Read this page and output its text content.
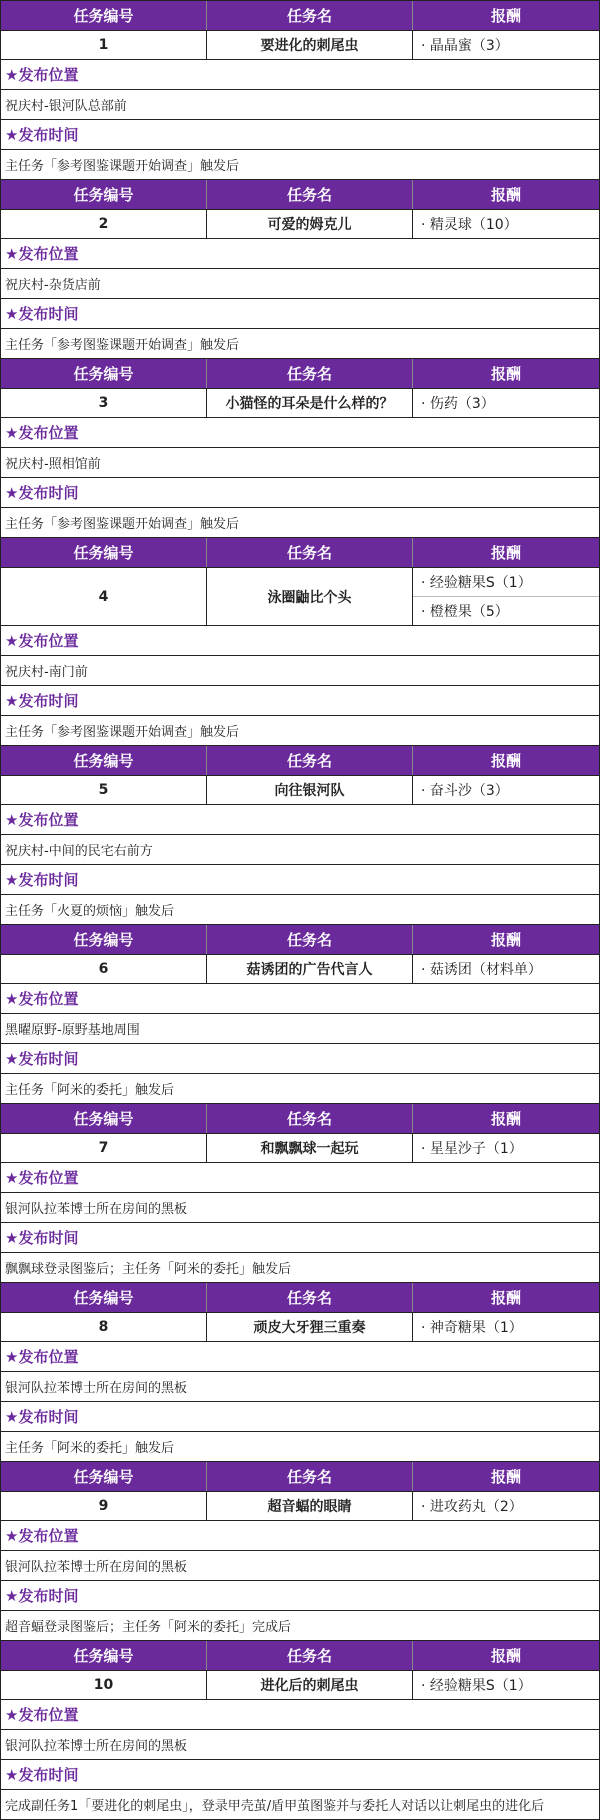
任务编号	任务名	报酬
1	要进化的刺尾虫	· 晶晶蜜（3）
★发布位置
祝庆村-银河队总部前
★发布时间
主任务「参考图鉴课题开始调查」触发后
任务编号	任务名	报酬
2	可爱的姆克儿	· 精灵球（10）
★发布位置
祝庆村-杂货店前
★发布时间
主任务「参考图鉴课题开始调查」触发后
任务编号	任务名	报酬
3	小猫怪的耳朵是什么样的？	· 伤药（3）
★发布位置
祝庆村-照相馆前
★发布时间
主任务「参考图鉴课题开始调查」触发后
任务编号	任务名	报酬
4	泳圈鼬比个头
· 经验糖果S（1）
· 橙橙果（5）
★发布位置
祝庆村-南门前
★发布时间
主任务「参考图鉴课题开始调查」触发后
任务编号	任务名	报酬
5	向往银河队	· 奋斗沙（3）
★发布位置
祝庆村-中间的民宅右前方
★发布时间
主任务「火夏的烦恼」触发后
任务编号	任务名	报酬
6	菇诱团的广告代言人	· 菇诱团（材料单）
★发布位置
黑曜原野-原野基地周围
★发布时间
主任务「阿米的委托」触发后
任务编号	任务名	报酬
7	和飘飘球一起玩	· 星星沙子（1）
★发布位置
银河队拉苯博士所在房间的黑板
★发布时间
飘飘球登录图鉴后；主任务「阿米的委托」触发后
任务编号	任务名	报酬
8	顽皮大牙狸三重奏	· 神奇糖果（1）
★发布位置
银河队拉苯博士所在房间的黑板
★发布时间
主任务「阿米的委托」触发后
任务编号	任务名	报酬
9	超音蝠的眼睛	· 进攻药丸（2）
★发布位置
银河队拉苯博士所在房间的黑板
★发布时间
超音蝠登录图鉴后；主任务「阿米的委托」完成后
任务编号	任务名	报酬
10	进化后的刺尾虫	· 经验糖果S（1）
★发布位置
银河队拉苯博士所在房间的黑板
★发布时间
完成副任务1「要进化的刺尾虫」，登录甲壳茧/盾甲茧图鉴并与委托人对话以让刺尾虫的进化后
